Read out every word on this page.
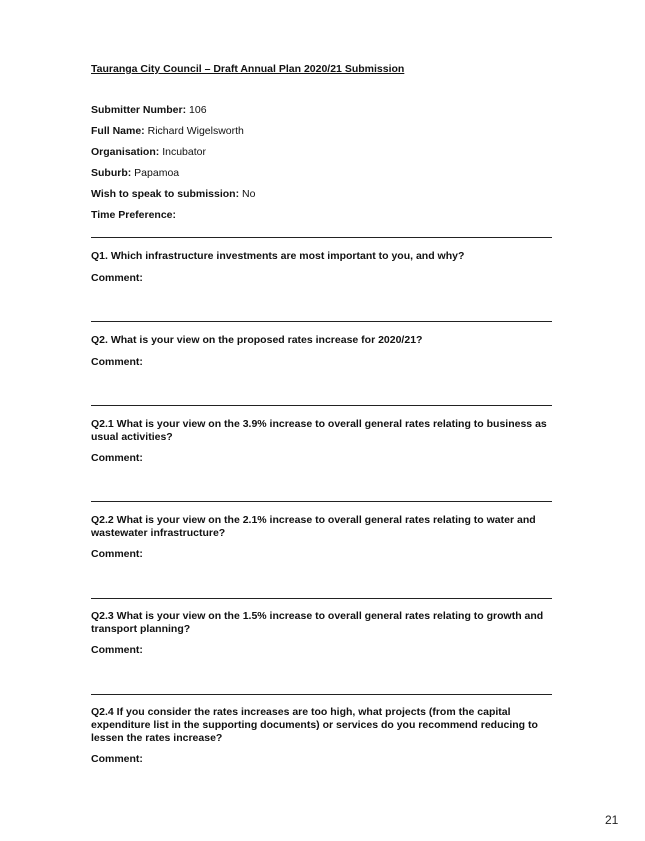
Tauranga City Council – Draft Annual Plan 2020/21 Submission
Submitter Number: 106
Full Name: Richard Wigelsworth
Organisation: Incubator
Suburb: Papamoa
Wish to speak to submission: No
Time Preference:
Q1. Which infrastructure investments are most important to you, and why?
Comment:
Q2. What is your view on the proposed rates increase for 2020/21?
Comment:
Q2.1 What is your view on the 3.9% increase to overall general rates relating to business as usual activities?
Comment:
Q2.2 What is your view on the 2.1% increase to overall general rates relating to water and wastewater infrastructure?
Comment:
Q2.3 What is your view on the 1.5% increase to overall general rates relating to growth and transport planning?
Comment:
Q2.4 If you consider the rates increases are too high, what projects (from the capital expenditure list in the supporting documents) or services do you recommend reducing to lessen the rates increase?
Comment:
21
